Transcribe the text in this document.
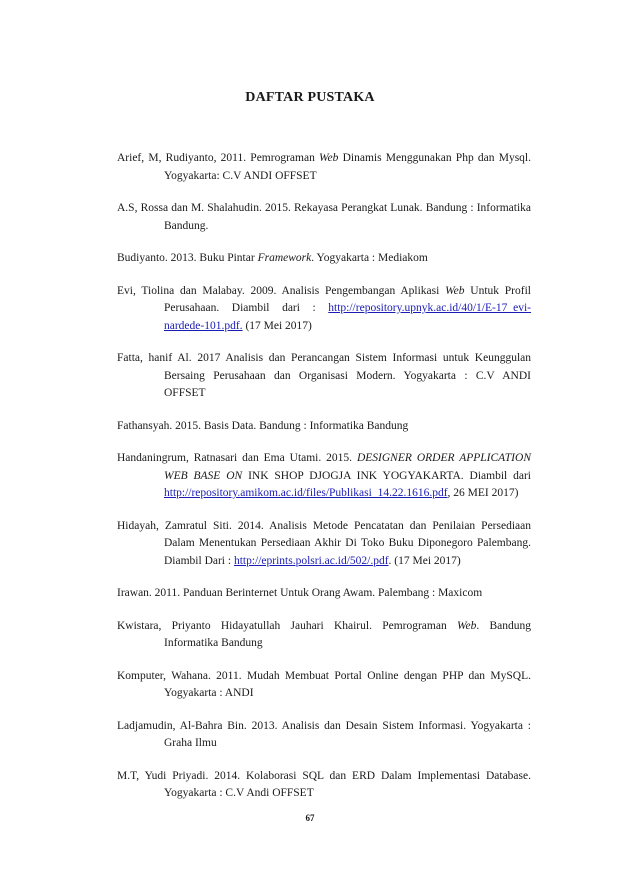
DAFTAR PUSTAKA
Arief, M, Rudiyanto, 2011. Pemrograman Web Dinamis Menggunakan Php dan Mysql. Yogyakarta: C.V ANDI OFFSET
A.S, Rossa dan M. Shalahudin. 2015. Rekayasa Perangkat Lunak. Bandung : Informatika Bandung.
Budiyanto. 2013. Buku Pintar Framework. Yogyakarta : Mediakom
Evi, Tiolina dan Malabay. 2009. Analisis Pengembangan Aplikasi Web Untuk Profil Perusahaan. Diambil dari : http://repository.upnyk.ac.id/40/1/E-17_evi-nardede-101.pdf. (17 Mei 2017)
Fatta, hanif Al. 2017 Analisis dan Perancangan Sistem Informasi untuk Keunggulan Bersaing Perusahaan dan Organisasi Modern. Yogyakarta : C.V ANDI OFFSET
Fathansyah. 2015. Basis Data. Bandung : Informatika Bandung
Handaningrum, Ratnasari dan Ema Utami. 2015. DESIGNER ORDER APPLICATION WEB BASE ON INK SHOP DJOGJA INK YOGYAKARTA. Diambil dari http://repository.amikom.ac.id/files/Publikasi_14.22.1616.pdf, 26 MEI 2017)
Hidayah, Zamratul Siti. 2014. Analisis Metode Pencatatan dan Penilaian Persediaan Dalam Menentukan Persediaan Akhir Di Toko Buku Diponegoro Palembang. Diambil Dari : http://eprints.polsri.ac.id/502/.pdf. (17 Mei 2017)
Irawan. 2011. Panduan Berinternet Untuk Orang Awam. Palembang : Maxicom
Kwistara, Priyanto Hidayatullah Jauhari Khairul. Pemrograman Web. Bandung Informatika Bandung
Komputer, Wahana. 2011. Mudah Membuat Portal Online dengan PHP dan MySQL. Yogyakarta : ANDI
Ladjamudin, Al-Bahra Bin. 2013. Analisis dan Desain Sistem Informasi. Yogyakarta : Graha Ilmu
M.T, Yudi Priyadi. 2014. Kolaborasi SQL dan ERD Dalam Implementasi Database. Yogyakarta : C.V Andi OFFSET
67
